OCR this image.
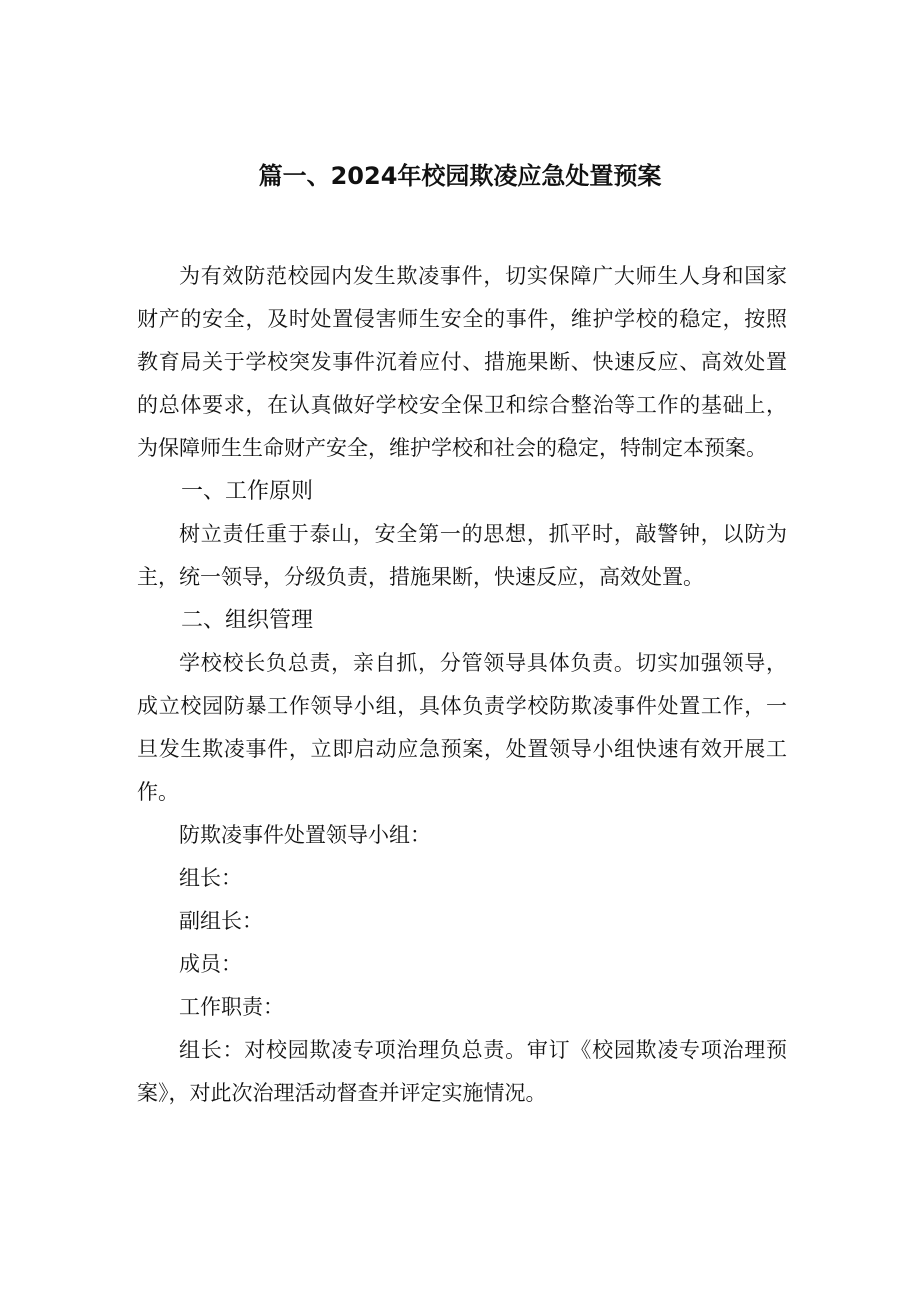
篇一、2024年校园欺凌应急处置预案

为有效防范校园内发生欺凌事件，切实保障广大师生人身和国家财产的安全，及时处置侵害师生安全的事件，维护学校的稳定，按照教育局关于学校突发事件沉着应付、措施果断、快速反应、高效处置的总体要求，在认真做好学校安全保卫和综合整治等工作的基础上，为保障师生生命财产安全，维护学校和社会的稳定，特制定本预案。

一、工作原则

树立责任重于泰山，安全第一的思想，抓平时，敲警钟，以防为主，统一领导，分级负责，措施果断，快速反应，高效处置。

二、组织管理

学校校长负总责，亲自抓，分管领导具体负责。切实加强领导，成立校园防暴工作领导小组，具体负责学校防欺凌事件处置工作，一旦发生欺凌事件，立即启动应急预案，处置领导小组快速有效开展工作。

防欺凌事件处置领导小组：

组长：

副组长：

成员：

工作职责：

组长：对校园欺凌专项治理负总责。审订《校园欺凌专项治理预案》，对此次治理活动督查并评定实施情况。
